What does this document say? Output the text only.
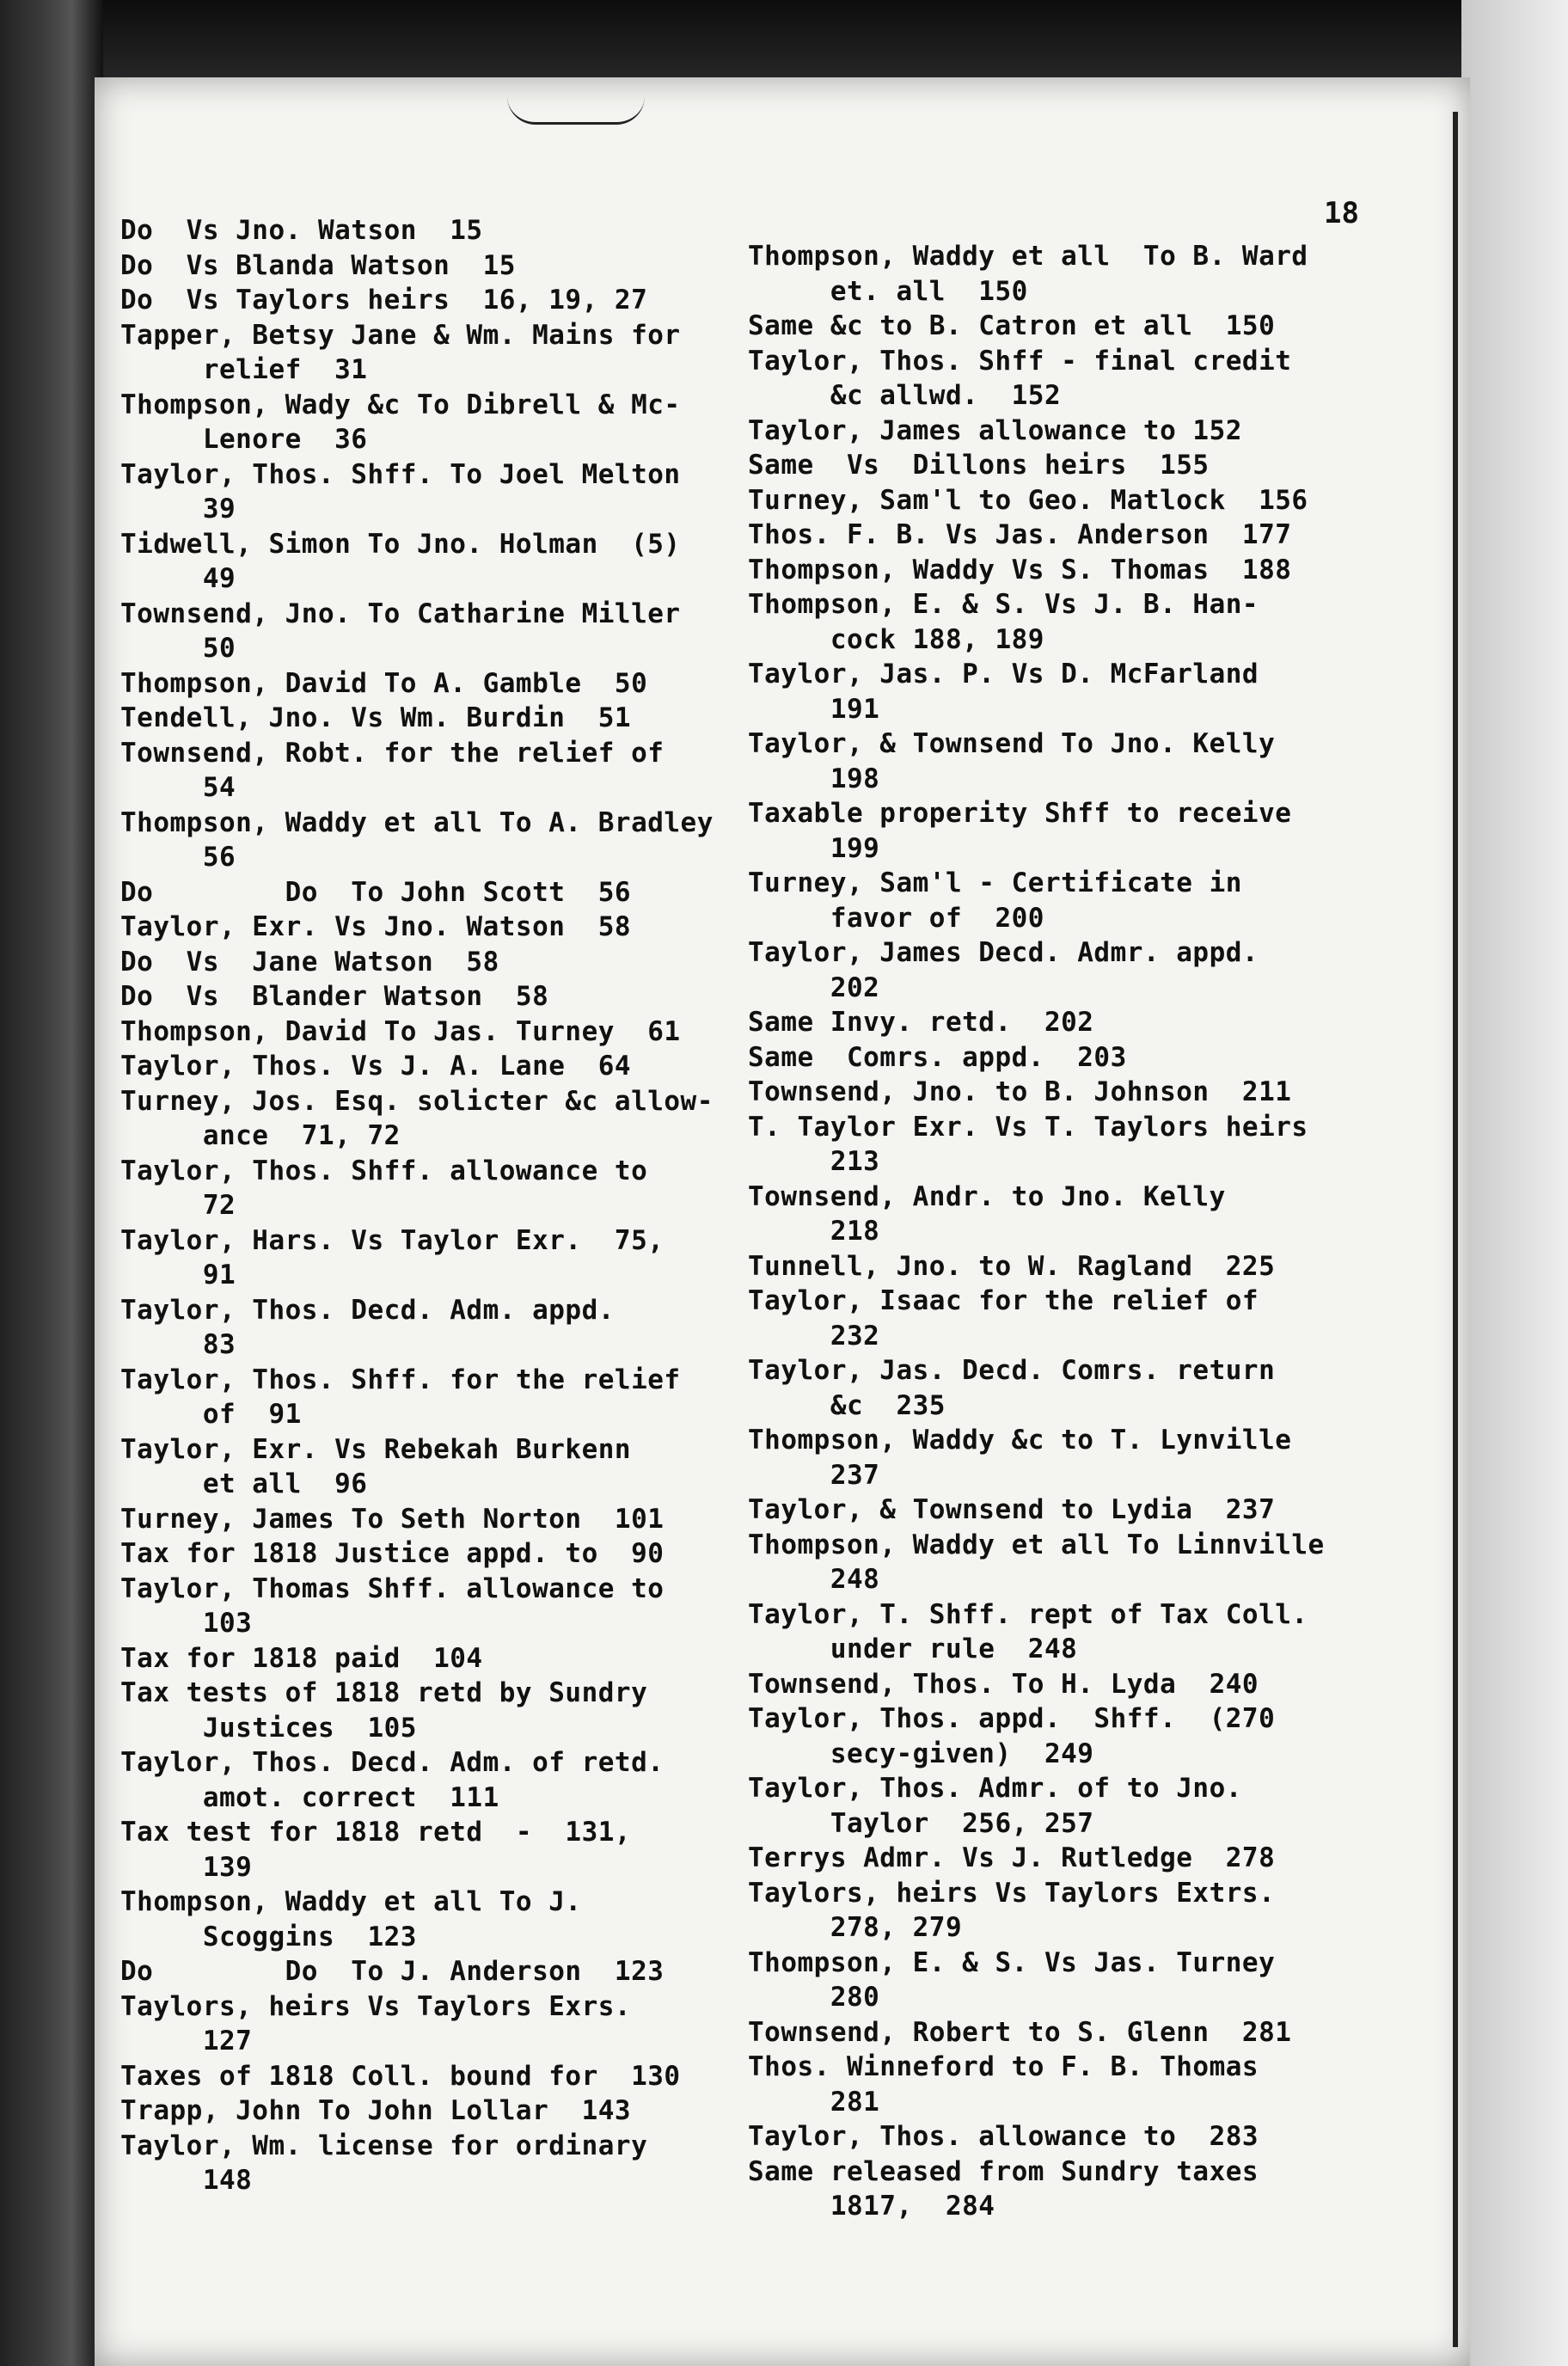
18
Do  Vs Jno. Watson  15
Do  Vs Blanda Watson  15
Do  Vs Taylors heirs  16, 19, 27
Tapper, Betsy Jane & Wm. Mains for
relief  31
Thompson, Wady &c To Dibrell & Mc-
Lenore  36
Taylor, Thos. Shff. To Joel Melton
39
Tidwell, Simon To Jno. Holman  (5)
49
Townsend, Jno. To Catharine Miller
50
Thompson, David To A. Gamble  50
Tendell, Jno. Vs Wm. Burdin  51
Townsend, Robt. for the relief of
54
Thompson, Waddy et all To A. Bradley
56
Do        Do  To John Scott  56
Taylor, Exr. Vs Jno. Watson  58
Do  Vs  Jane Watson  58
Do  Vs  Blander Watson  58
Thompson, David To Jas. Turney  61
Taylor, Thos. Vs J. A. Lane  64
Turney, Jos. Esq. solicter &c allow-
ance  71, 72
Taylor, Thos. Shff. allowance to
72
Taylor, Hars. Vs Taylor Exr.  75,
91
Taylor, Thos. Decd. Adm. appd.
83
Taylor, Thos. Shff. for the relief
of  91
Taylor, Exr. Vs Rebekah Burkenn
et all  96
Turney, James To Seth Norton  101
Tax for 1818 Justice appd. to  90
Taylor, Thomas Shff. allowance to
103
Tax for 1818 paid  104
Tax tests of 1818 retd by Sundry
Justices  105
Taylor, Thos. Decd. Adm. of retd.
amot. correct  111
Tax test for 1818 retd  -  131,
139
Thompson, Waddy et all To J.
Scoggins  123
Do        Do  To J. Anderson  123
Taylors, heirs Vs Taylors Exrs.
127
Taxes of 1818 Coll. bound for  130
Trapp, John To John Lollar  143
Taylor, Wm. license for ordinary
148
Thompson, Waddy et all  To B. Ward
et. all  150
Same &c to B. Catron et all  150
Taylor, Thos. Shff - final credit
&c allwd.  152
Taylor, James allowance to 152
Same  Vs  Dillons heirs  155
Turney, Sam'l to Geo. Matlock  156
Thos. F. B. Vs Jas. Anderson  177
Thompson, Waddy Vs S. Thomas  188
Thompson, E. & S. Vs J. B. Han-
cock 188, 189
Taylor, Jas. P. Vs D. McFarland
191
Taylor, & Townsend To Jno. Kelly
198
Taxable properity Shff to receive
199
Turney, Sam'l - Certificate in
favor of  200
Taylor, James Decd. Admr. appd.
202
Same Invy. retd.  202
Same  Comrs. appd.  203
Townsend, Jno. to B. Johnson  211
T. Taylor Exr. Vs T. Taylors heirs
213
Townsend, Andr. to Jno. Kelly
218
Tunnell, Jno. to W. Ragland  225
Taylor, Isaac for the relief of
232
Taylor, Jas. Decd. Comrs. return
&c  235
Thompson, Waddy &c to T. Lynville
237
Taylor, & Townsend to Lydia  237
Thompson, Waddy et all To Linnville
248
Taylor, T. Shff. rept of Tax Coll.
under rule  248
Townsend, Thos. To H. Lyda  240
Taylor, Thos. appd.  Shff.  (270
secy-given)  249
Taylor, Thos. Admr. of to Jno.
Taylor  256, 257
Terrys Admr. Vs J. Rutledge  278
Taylors, heirs Vs Taylors Extrs.
278, 279
Thompson, E. & S. Vs Jas. Turney
280
Townsend, Robert to S. Glenn  281
Thos. Winneford to F. B. Thomas
281
Taylor, Thos. allowance to  283
Same released from Sundry taxes
1817,  284
